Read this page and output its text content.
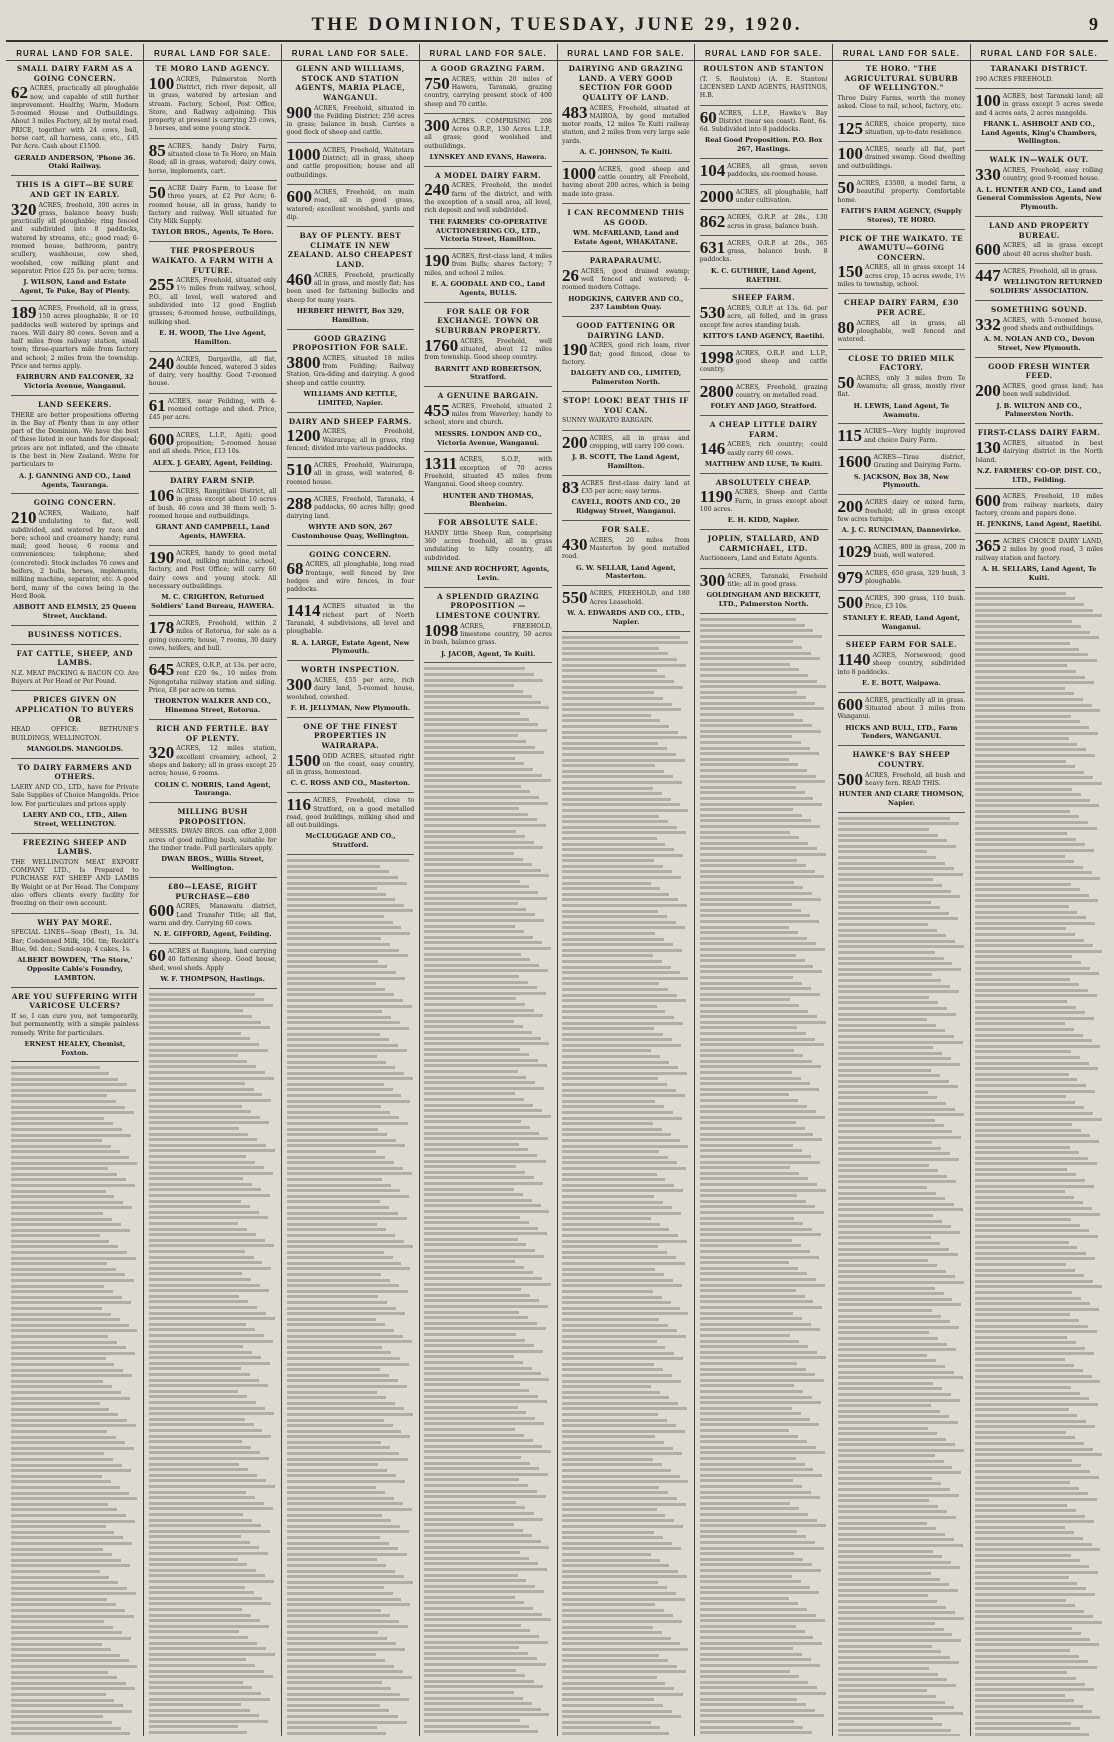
THE DOMINION, TUESDAY, JUNE 29, 1920.	9
RURAL LAND FOR SALE.
SMALL DAIRY FARM AS A GOING CONCERN.
62 ACRES, practically all ploughable now, and capable of still further improvement. Healthy, Warm, Modern 5-roomed House and Outbuildings. About 3 miles Factory, all by metal road. PRICE, together with 24 cows, bull, horse cart, all harness, cans, etc., £45 Per Acre. Cash about £1500.
GERALD ANDERSON, 'Phone 36. Otaki Railway.
THIS IS A GIFT—BE SURE AND GET IN EARLY.
320 ACRES, freehold, 300 acres in grass, balance heavy bush; practically all ploughable; ring fenced and subdivided into 8 paddocks, watered by streams, etc.; good road; 6-roomed house, bathroom, pantry, scullery, washhouse, cow shed, woolshed, cow milking plant and separator. Price £25 5s. per acre; terms.
J. WILSON, Land and Estate Agent, Te Puke, Bay of Plenty.
189 ACRES, Freehold, all in grass, 150 acres ploughable, 8 or 10 paddocks well watered by springs and races. Will dairy 80 cows. Seven and a half miles from railway station, small town; three-quarters mile from factory and school; 2 miles from the township. Price and terms apply.
FAIRBURN AND FALCONER, 32 Victoria Avenue, Wanganui.
LAND SEEKERS.
THERE are better propositions offering in the Bay of Plenty than in any other part of the Dominion. We have the best of these listed in our hands for disposal; prices are not inflated, and the climate is the best in New Zealand. Write for particulars to
A. J. GANNING AND CO., Land Agents, Tauranga.
GOING CONCERN.
210 ACRES, Waikato, half undulating to flat, well subdivided, and watered by race and bore; school and creamery handy; rural mail; good house, 6 rooms and conveniences; telephone; shed (concreted). Stock includes 76 cows and heifers, 2 bulls, horses, implements, milking machine, separator, etc. A good herd, many of the cows being in the Herd Book.
ABBOTT AND ELMSLY, 25 Queen Street, Auckland.
BUSINESS NOTICES.
FAT CATTLE, SHEEP, AND LAMBS.
N.Z. MEAT PACKING & BACON CO. Are Buyers at Per Head or Per Pound.
PRICES GIVEN ON APPLICATION TO BUYERS OR
HEAD OFFICE: BETHUNE'S BUILDINGS, WELLINGTON.
MANGOLDS. MANGOLDS.
TO DAIRY FARMERS AND OTHERS.
LAERY AND CO., LTD., have for Private Sale Supplies of Choice Mangolds. Price low. For particulars and prices apply
LAERY AND CO., LTD., Allen Street, WELLINGTON.
FREEZING SHEEP AND LAMBS.
THE WELLINGTON MEAT EXPORT COMPANY LTD., Is Prepared to PURCHASE FAT SHEEP AND LAMBS By Weight or at Per Head. The Company also offers clients every facility for freezing on their own account.
WHY PAY MORE.
SPECIAL LINES—Soap (Best), 1s. 3d. Bar; Condensed Milk, 10d. tin; Reckitt's Blue, 9d. doz.; Sand-soap, 4 cakes, 1s.
ALBERT BOWDEN, 'The Store,' Opposite Cable's Foundry, LAMBTON.
ARE YOU SUFFERING WITH VARICOSE ULCERS?
If so, I can cure you, not temporarily, but permanently, with a simple painless remedy. Write for particulars.
ERNEST HEALEY, Chemist, Foxton.
RURAL LAND FOR SALE.
TE MORO LAND AGENCY.
100 ACRES, Palmerston North District, rich river deposit, all in grass, watered by artesian and stream. Factory, School, Post Office, Store, and Railway adjoining. This property at present is carrying 25 cows, 3 horses, and some young stock.
85 ACRES, handy Dairy Farm, situated close to Te Horo, on Main Road; all in grass, watered; dairy cows, horse, implements, cart.
50 ACRE Dairy Farm, to Lease for three years, at £2 Per Acre; 6-roomed house, all in grass, handy to factory and railway. Well situated for City Milk Supply.
TAYLOR BROS., Agents, Te Horo.
THE PROSPEROUS WAIKATO. A FARM WITH A FUTURE.
255 ACRES, Freehold, situated only 1½ miles from railway, school, P.O., all level, well watered and subdivided into 12 good English grasses; 6-roomed house, outbuildings, milking shed.
E. H. WOOD, The Live Agent, Hamilton.
240 ACRES, Dargaville, all flat, double fenced, watered 3 sides of dairy, very healthy. Good 7-roomed house.
61 ACRES, near Feilding, with 4-roomed cottage and shed. Price, £45 per acre.
600 ACRES, L.I.P., Apiti; good proposition; 5-roomed house and all sheds. Price, £13 10s.
ALEX. J. GEARY, Agent, Feilding.
DAIRY FARM SNIP.
106 ACRES, Rangitikei District, all in grass except about 10 acres of bush. 46 cows and 38 them well; 5-roomed house and outbuildings.
GRANT AND CAMPBELL, Land Agents, HAWERA.
190 ACRES, handy to good metal road, milking machine, school, factory, and Post Office; will carry 60 dairy cows and young stock. All necessary outbuildings.
M. C. CRIGHTON, Returned Soldiers' Land Bureau, HAWERA.
178 ACRES, Freehold, within 2 miles of Rotorua, for sale as a going concern; house, 7 rooms, 30 dairy cows, heifers, and bull.
645 ACRES, O.R.P., at 13s. per acre, rent £20 9s., 10 miles from Ngongotaha railway station and siding. Price, £8 per acre on terms.
THORNTON WALKER AND CO., Hinemoa Street, Rotorua.
RICH AND FERTILE. BAY OF PLENTY.
320 ACRES, 12 miles station, excellent creamery, school, 2 shops and bakery; all in grass except 25 acres; house, 6 rooms.
COLIN C. NORRIS, Land Agent, Tauranga.
MILLING BUSH PROPOSITION.
MESSRS. DWAN BROS. can offer 2,000 acres of good milling bush, suitable for the timber trade. Full particulars apply.
DWAN BROS., Willis Street, Wellington.
£80—LEASE, RIGHT PURCHASE—£80
600 ACRES, Manawatu district, Land Transfer Title; all flat, warm and dry. Carrying 60 cows.
N. E. GIFFORD, Agent, Feilding.
60 ACRES at Rangiora, land carrying 40 fattening sheep. Good house, shed, wool sheds. Apply
W. F. THOMPSON, Hastings.
RURAL LAND FOR SALE.
GLENN AND WILLIAMS, STOCK AND STATION AGENTS, MARIA PLACE, WANGANUI.
900 ACRES, Freehold, situated in the Feilding District; 250 acres in grass; balance in bush. Carries a good flock of sheep and cattle.
1000 ACRES, Freehold, Waitotara District; all in grass, sheep and cattle proposition; house and all outbuildings.
600 ACRES, Freehold, on main road, all in good grass, watered; excellent woolshed, yards and dip.
BAY OF PLENTY. BEST CLIMATE IN NEW ZEALAND. ALSO CHEAPEST LAND.
460 ACRES, Freehold, practically all in grass, and mostly flat; has been used for fattening bullocks and sheep for many years.
HERBERT HEWITT, Box 329, Hamilton.
GOOD GRAZING PROPOSITION FOR SALE.
3800 ACRES, situated 18 miles from Feilding; Railway Station, Gra-dding and dairying. A good sheep and cattle country.
WILLIAMS AND KETTLE, LIMITED, Napier.
DAIRY AND SHEEP FARMS.
1200 ACRES, Freehold, Wairarapa; all in grass, ring fenced; divided into various paddocks.
510 ACRES, Freehold, Wairarapa, all in grass, well watered, 8-roomed house.
288 ACRES, Freehold, Taranaki, 4 paddocks, 60 acres hilly; good dairying land.
WHYTE AND SON, 267 Customhouse Quay, Wellington.
GOING CONCERN.
68 ACRES, all ploughable, long road frontage, well fenced by live hedges and wire fences, in four paddocks.
1414 ACRES situated in the richest part of North Taranaki, 4 subdivisions, all level and ploughable.
R. A. LARGE, Estate Agent, New Plymouth.
WORTH INSPECTION.
300 ACRES, £55 per acre, rich dairy land, 5-roomed house, woolshed, cowshed.
F. H. JELLYMAN, New Plymouth.
ONE OF THE FINEST PROPERTIES IN WAIRARAPA.
1500 ODD ACRES, situated right on the coast, easy country, all in grass, homestead.
C. C. ROSS AND CO., Masterton.
116 ACRES, Freehold, close to Stratford, on a good metalled road, good buildings, milking shed and all out-buildings.
McCLUGGAGE AND CO., Stratford.
RURAL LAND FOR SALE.
A GOOD GRAZING FARM.
750 ACRES, within 20 miles of Hawera, Taranaki, grazing country, carrying present stock of 400 sheep and 70 cattle.
300 ACRES. COMPRISING 208 Acres O.R.P., 130 Acres L.I.P., all grass; good woolshed and outbuildings.
LYNSKEY AND EVANS, Hawera.
A MODEL DAIRY FARM.
240 ACRES, Freehold, the model farm of the district, and with the exception of a small area, all level, rich deposit and well subdivided.
THE FARMERS' CO-OPERATIVE AUCTIONEERING CO., LTD., Victoria Street, Hamilton.
190 ACRES, first-class land, 4 miles from Bulls; shares factory; 7 miles, and school 2 miles.
E. A. GOODALL AND CO., Land Agents, BULLS.
FOR SALE OR FOR EXCHANGE. TOWN OR SUBURBAN PROPERTY.
1760 ACRES, Freehold, well situated, about 12 miles from township. Good sheep country.
BARNITT AND ROBERTSON, Stratford.
A GENUINE BARGAIN.
455 ACRES, Freehold, situated 2 miles from Waverley; handy to school, store and church.
MESSRS. LONDON AND CO., Victoria Avenue, Wanganui.
1311 ACRES, S.O.P., with exception of 70 acres Freehold, situated 45 miles from Wanganui. Good sheep country.
HUNTER AND THOMAS, Blenheim.
FOR ABSOLUTE SALE.
HANDY little Sheep Run, comprising 360 acres freehold, all in grass undulating to hilly country, all subdivided.
MILNE AND ROCHFORT, Agents, Levin.
A SPLENDID GRAZING PROPOSITION —LIMESTONE COUNTRY.
1098 ACRES, FREEHOLD, limestone country, 50 acres in bush, balance grass.
J. JACOB, Agent, Te Kuiti.
RURAL LAND FOR SALE.
DAIRYING AND GRAZING LAND. A VERY GOOD SECTION FOR GOOD QUALITY OF LAND.
483 ACRES, Freehold, situated at MAIROA, by good metalled motor roads, 12 miles Te Kuiti railway station, and 2 miles from very large sale yards.
A. C. JOHNSON, Te Kuiti.
1000 ACRES, good sheep and cattle country, all Freehold, having about 200 acres, which is being made into grass.
I CAN RECOMMEND THIS AS GOOD.
WM. McFARLAND, Land and Estate Agent, WHAKATANE.
PARAPARAUMU.
26 ACRES, good drained swamp; well fenced and watered; 4-roomed modern Cottage.
HODGKINS, CARVER AND CO., 237 Lambton Quay.
GOOD FATTENING OR DAIRYING LAND.
190 ACRES, good rich loam, river flat; good fenced, close to factory.
DALGETY AND CO., LIMITED, Palmerston North.
STOP! LOOK! BEAT THIS IF YOU CAN.
SUNNY WAIKATO BARGAIN.
200 ACRES, all in grass and cropping, will carry 100 cows.
J. B. SCOTT, The Land Agent, Hamilton.
83 ACRES first-class dairy land at £35 per acre; easy terms.
CAVELL, ROOTS AND CO., 20 Ridgway Street, Wanganui.
FOR SALE.
430 ACRES, 20 miles from Masterton by good metalled road.
G. W. SELLAR, Land Agent, Masterton.
550 ACRES, FREEHOLD, and 180 Acres Leasehold.
W. A. EDWARDS AND CO., LTD., Napier.
RURAL LAND FOR SALE.
ROULSTON AND STANTON
(T. S. Roulston) (A. E. Stanton) LICENSED LAND AGENTS, HASTINGS, H.B.
60 ACRES, L.I.P., Hawke's Bay District (near sea coast). Rent, 6s. 6d. Subdivided into 8 paddocks.
Real Good Proposition. P.O. Box 267, Hastings.
104 ACRES, all grass, seven paddocks, six-roomed house.
2000 ACRES, all ploughable, half under cultivation.
862 ACRES, O.R.P. at 28s., 130 acres in grass, balance bush.
631 ACRES, O.R.P. at 20s., 365 grass, balance bush. 8 paddocks.
K. C. GUTHRIE, Land Agent, RAETIHI.
SHEEP FARM.
530 ACRES, O.R.P. at 13s. 6d. per acre, all felled, and in grass except few acres standing bush.
KITTO'S LAND AGENCY, Raetihi.
1998 ACRES, O.R.P. and L.I.P., good sheep and cattle country.
2800 ACRES, Freehold, grazing country, on metalled road.
FOLEY AND JAGO, Stratford.
A CHEAP LITTLE DAIRY FARM.
146 ACRES, rich country; could easily carry 60 cows.
MATTHEW AND LUSE, Te Kuiti.
ABSOLUTELY CHEAP.
1190 ACRES, Sheep and Cattle Farm, in grass except about 100 acres.
E. H. KIDD, Napier.
JOPLIN, STALLARD, AND CARMICHAEL, LTD.
Auctioneers, Land and Estate Agents.
300 ACRES, Taranaki, Freehold title; all in good grass.
GOLDINGHAM AND BECKETT, LTD., Palmerston North.
RURAL LAND FOR SALE.
TE HORO. "THE AGRICULTURAL SUBURB OF WELLINGTON."
Three Dairy Farms, worth the money asked. Close to rail, school, factory, etc.
125 ACRES, choice property, nice situation, up-to-date residence.
100 ACRES, nearly all flat, part drained swamp. Good dwelling and outbuildings.
50 ACRES, £3500, a model farm, a beautiful property. Comfortable home.
FAITH'S FARM AGENCY, (Supply Stores), TE HORO.
PICK OF THE WAIKATO. TE AWAMUTU—GOING CONCERN.
150 ACRES, all in grass except 14 acres crop, 15 acres swede, 1½ miles to township, school.
CHEAP DAIRY FARM, £30 PER ACRE.
80 ACRES, all in grass, all ploughable, well fenced and watered.
CLOSE TO DRIED MILK FACTORY.
50 ACRES, only 3 miles from Te Awamutu; all grass, mostly river flat.
H. LEWIS, Land Agent, Te Awamutu.
115 ACRES—Very highly improved and choice Dairy Farm.
1600 ACRES—Tirau district, Grazing and Dairying Farm.
S. JACKSON, Box 38, New Plymouth.
200 ACRES dairy or mixed farm, freehold; all in grass except few acres turnips.
A. J. C. RUNCIMAN, Dannevirke.
1029 ACRES, 800 in grass, 200 in bush, well watered.
979 ACRES, 650 grass, 329 bush, 3 ploughable.
500 ACRES, 390 grass, 110 bush. Price, £3 10s.
STANLEY E. READ, Land Agent, Wanganui.
SHEEP FARM FOR SALE.
1140 ACRES, Norsewood; good sheep country, subdivided into 8 paddocks.
E. E. BOTT, Waipawa.
600 ACRES, practically all in grass. Situated about 3 miles from Wanganui.
HICKS AND BULL, LTD., Farm Tenders, WANGANUI.
HAWKE'S BAY SHEEP COUNTRY.
500 ACRES, Freehold, all bush and heavy fern. READ THIS.
HUNTER AND CLARE THOMSON, Napier.
RURAL LAND FOR SALE.
TARANAKI DISTRICT.
190 ACRES FREEHOLD.
100 ACRES, best Taranaki land; all in grass except 5 acres swede and 4 acres oats, 2 acres mangolds.
FRANK L. ASHBOLT AND CO., Land Agents, King's Chambers, Wellington.
WALK IN—WALK OUT.
330 ACRES, Freehold, easy rolling country, good 9-roomed house.
A. L. HUNTER AND CO., Land and General Commission Agents, New Plymouth.
LAND AND PROPERTY BUREAU.
600 ACRES, all in grass except about 40 acres shelter bush.
447 ACRES, Freehold, all in grass.
WELLINGTON RETURNED SOLDIERS' ASSOCIATION.
SOMETHING SOUND.
332 ACRES, with 5-roomed house, good sheds and outbuildings.
A. M. NOLAN AND CO., Devon Street, New Plymouth.
GOOD FRESH WINTER FEED.
200 ACRES, good grass land; has been well subdivided.
J. B. WILTON AND CO., Palmerston North.
FIRST-CLASS DAIRY FARM.
130 ACRES, situated in best dairying district in the North Island.
N.Z. FARMERS' CO-OP. DIST. CO., LTD., Feilding.
600 ACRES, Freehold, 10 miles from railway markets, dairy factory, cream and papers done.
H. JENKINS, Land Agent, Raetihi.
365 ACRES CHOICE DAIRY LAND, 2 miles by good road, 3 miles railway station and factory.
A. H. SELLARS, Land Agent, Te Kuiti.
